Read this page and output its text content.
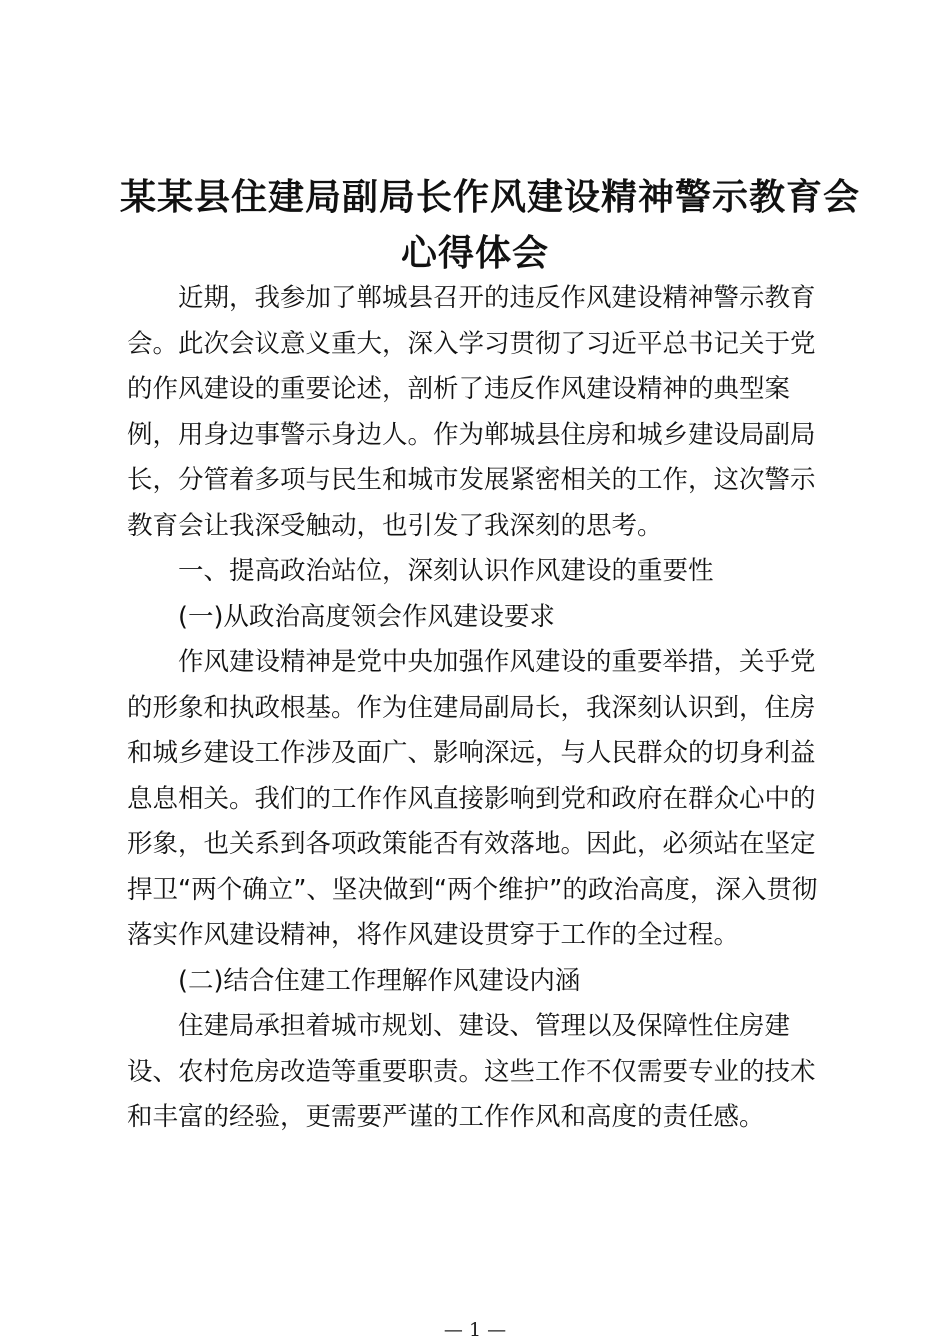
某某县住建局副局长作风建设精神警示教育会
心得体会
近期，我参加了郸城县召开的违反作风建设精神警示教育
会。此次会议意义重大，深入学习贯彻了习近平总书记关于党
的作风建设的重要论述，剖析了违反作风建设精神的典型案
例，用身边事警示身边人。作为郸城县住房和城乡建设局副局
长，分管着多项与民生和城市发展紧密相关的工作，这次警示
教育会让我深受触动，也引发了我深刻的思考。
一、提高政治站位，深刻认识作风建设的重要性
(一)从政治高度领会作风建设要求
作风建设精神是党中央加强作风建设的重要举措，关乎党
的形象和执政根基。作为住建局副局长，我深刻认识到，住房
和城乡建设工作涉及面广、影响深远，与人民群众的切身利益
息息相关。我们的工作作风直接影响到党和政府在群众心中的
形象，也关系到各项政策能否有效落地。因此，必须站在坚定
捍卫“两个确立”、坚决做到“两个维护”的政治高度，深入贯彻
落实作风建设精神，将作风建设贯穿于工作的全过程。
(二)结合住建工作理解作风建设内涵
住建局承担着城市规划、建设、管理以及保障性住房建
设、农村危房改造等重要职责。这些工作不仅需要专业的技术
和丰富的经验，更需要严谨的工作作风和高度的责任感。
— 1 —
